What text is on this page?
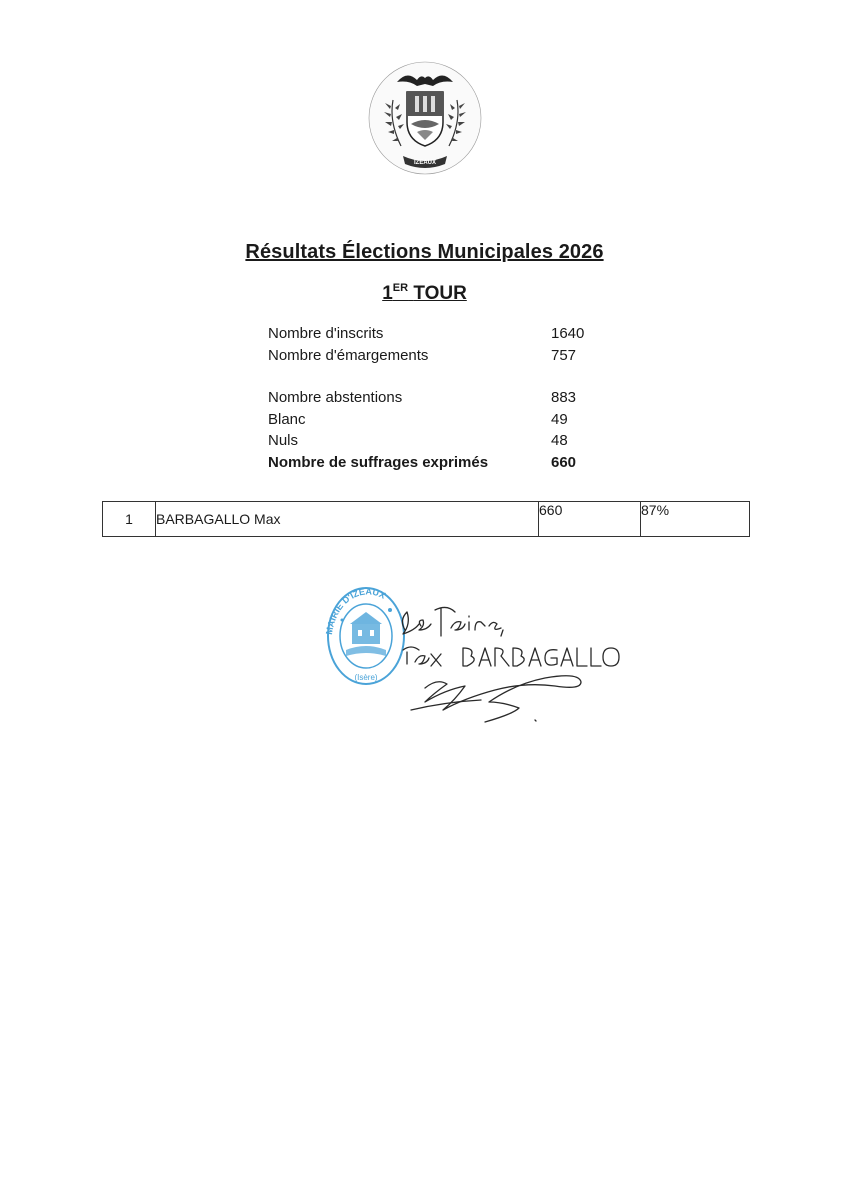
IZEAUX
Résultats Élections Municipales 2026
1ER TOUR
Nombre d'inscrits	1640
Nombre d'émargements	757
Nombre abstentions	883
Blanc	49
Nuls	48
Nombre de suffrages exprimés	660
1	BARBAGALLO Max	660	87%
MAIRIE D'IZEAUX
(Isère)
